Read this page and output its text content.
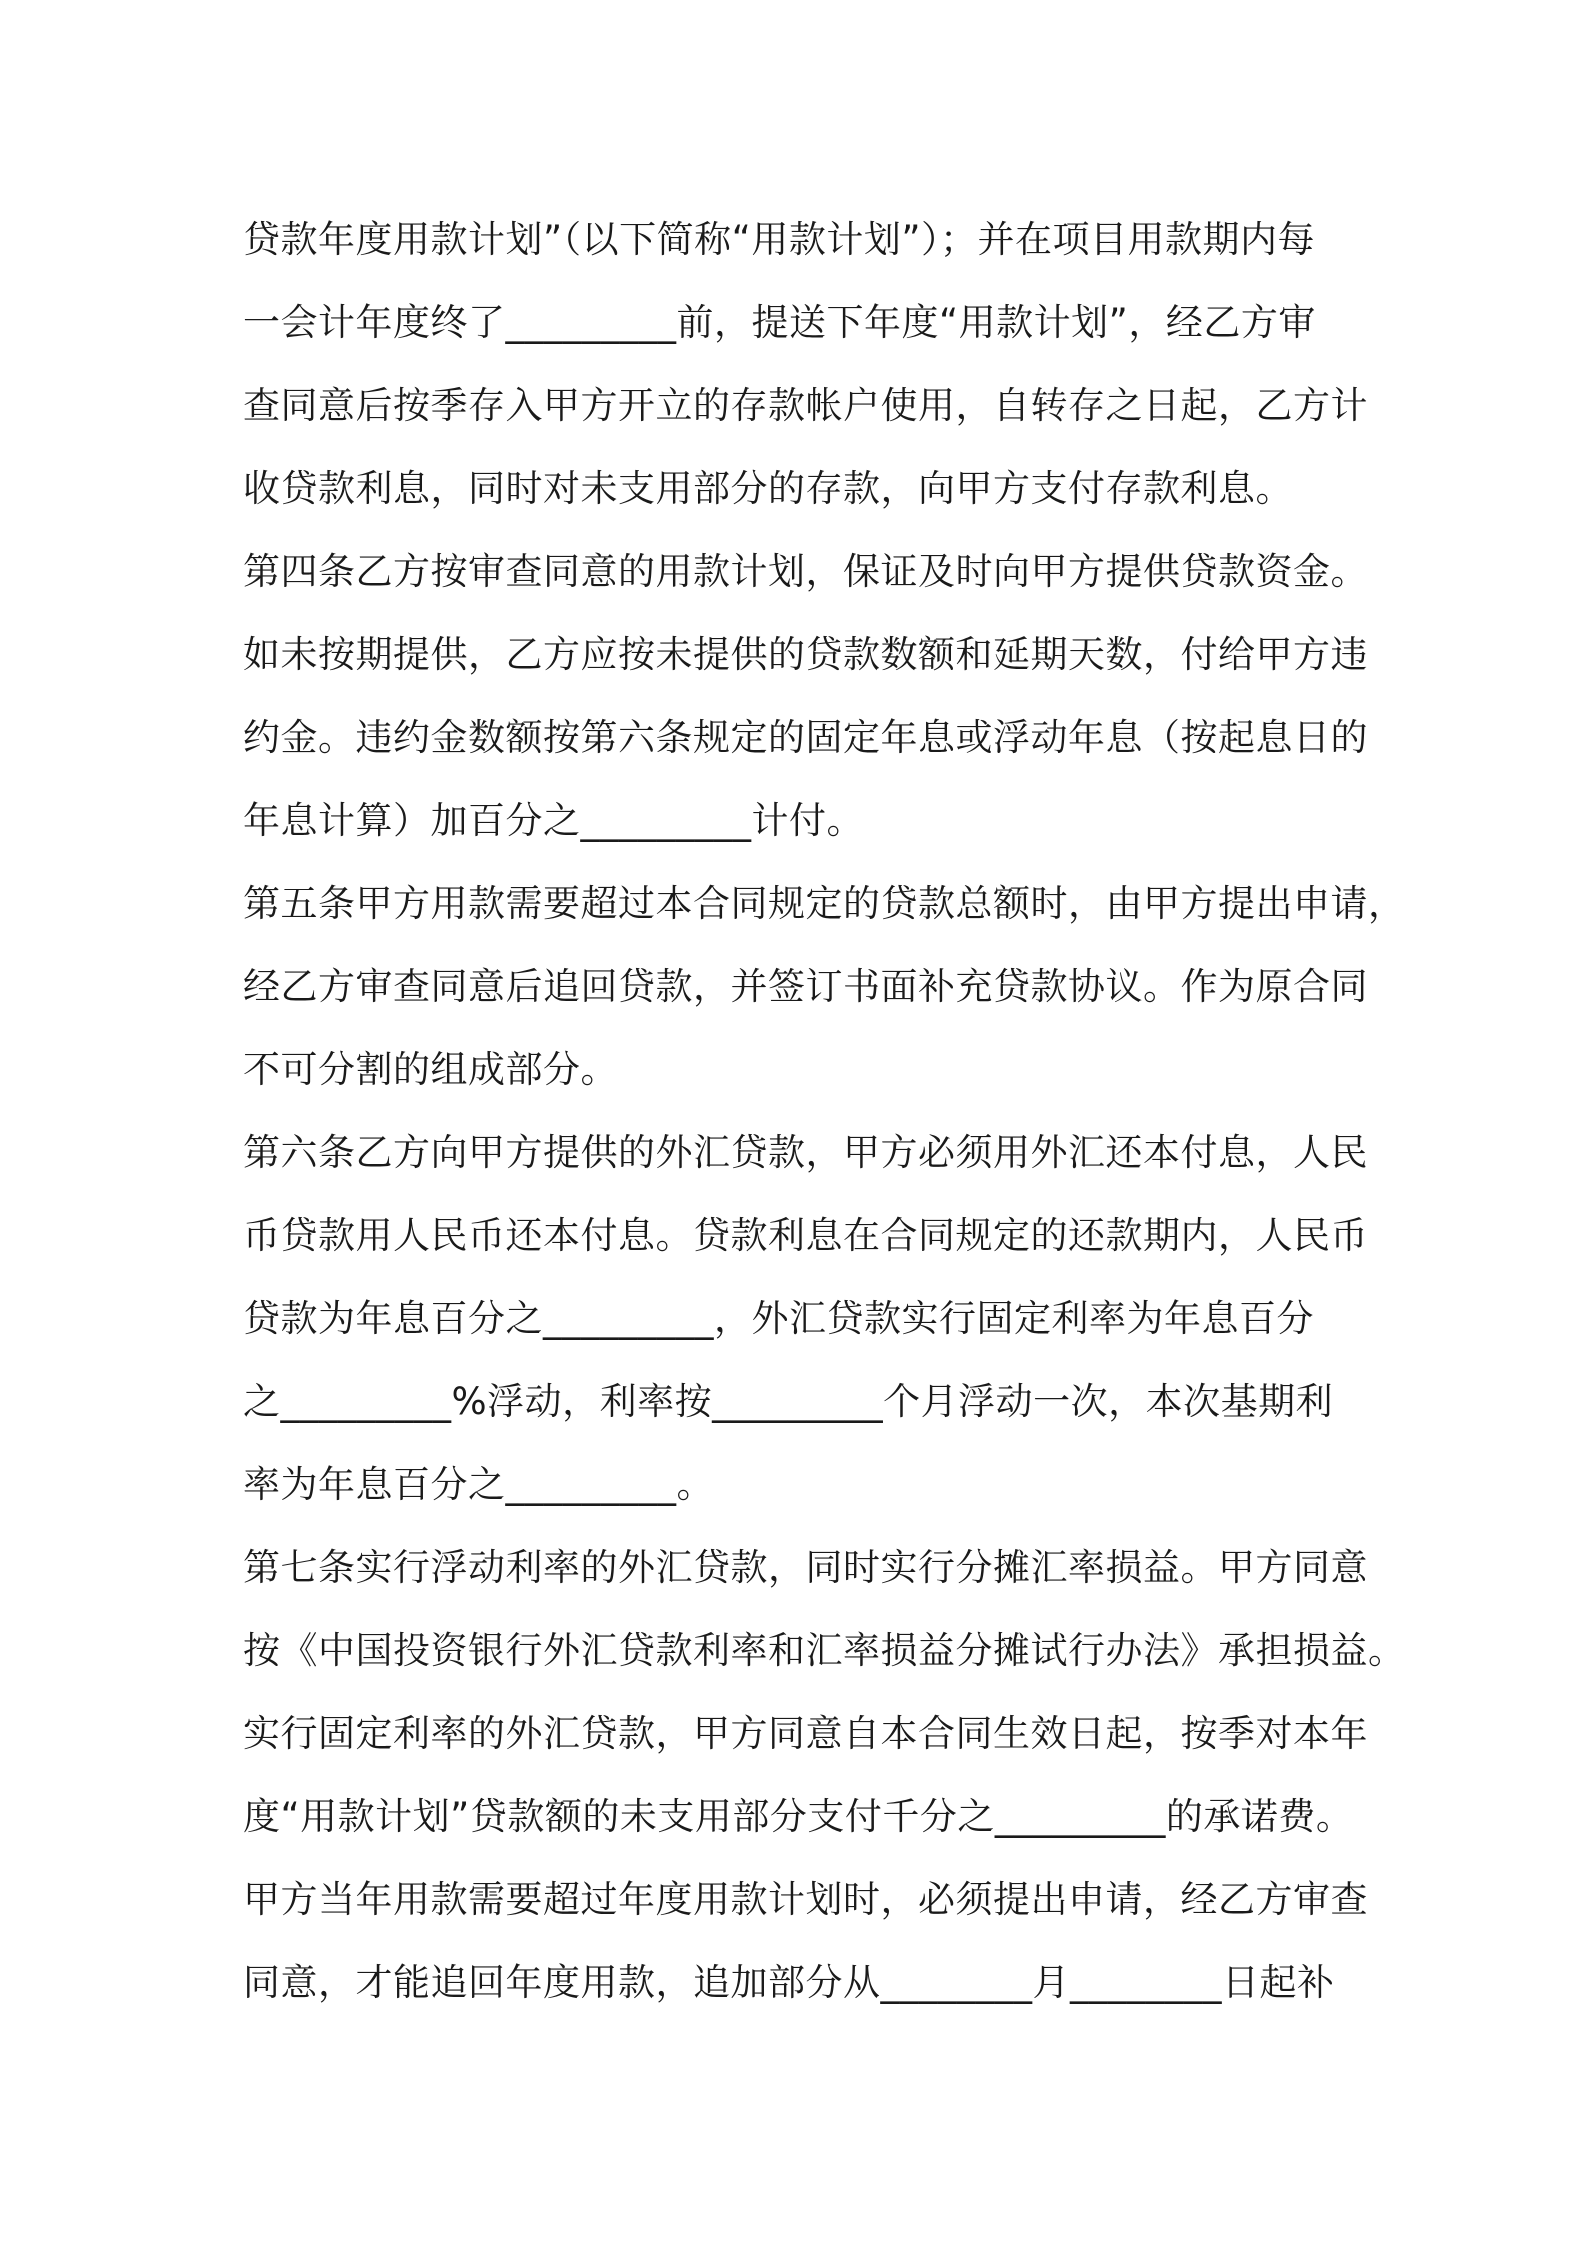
贷款年度用款计划”（以下简称“用款计划”）；并在项目用款期内每
一会计年度终了_________前，提送下年度“用款计划”，经乙方审
查同意后按季存入甲方开立的存款帐户使用，自转存之日起，乙方计
收贷款利息，同时对未支用部分的存款，向甲方支付存款利息。
第四条乙方按审查同意的用款计划，保证及时向甲方提供贷款资金。
如未按期提供，乙方应按未提供的贷款数额和延期天数，付给甲方违
约金。违约金数额按第六条规定的固定年息或浮动年息（按起息日的
年息计算）加百分之_________计付。
第五条甲方用款需要超过本合同规定的贷款总额时，由甲方提出申请，
经乙方审查同意后追回贷款，并签订书面补充贷款协议。作为原合同
不可分割的组成部分。
第六条乙方向甲方提供的外汇贷款，甲方必须用外汇还本付息，人民
币贷款用人民币还本付息。贷款利息在合同规定的还款期内，人民币
贷款为年息百分之_________，外汇贷款实行固定利率为年息百分
之_________%浮动，利率按_________个月浮动一次，本次基期利
率为年息百分之_________。
第七条实行浮动利率的外汇贷款，同时实行分摊汇率损益。甲方同意
按《中国投资银行外汇贷款利率和汇率损益分摊试行办法》承担损益。
实行固定利率的外汇贷款，甲方同意自本合同生效日起，按季对本年
度“用款计划”贷款额的未支用部分支付千分之_________的承诺费。
甲方当年用款需要超过年度用款计划时，必须提出申请，经乙方审查
同意，才能追回年度用款，追加部分从________月________日起补
